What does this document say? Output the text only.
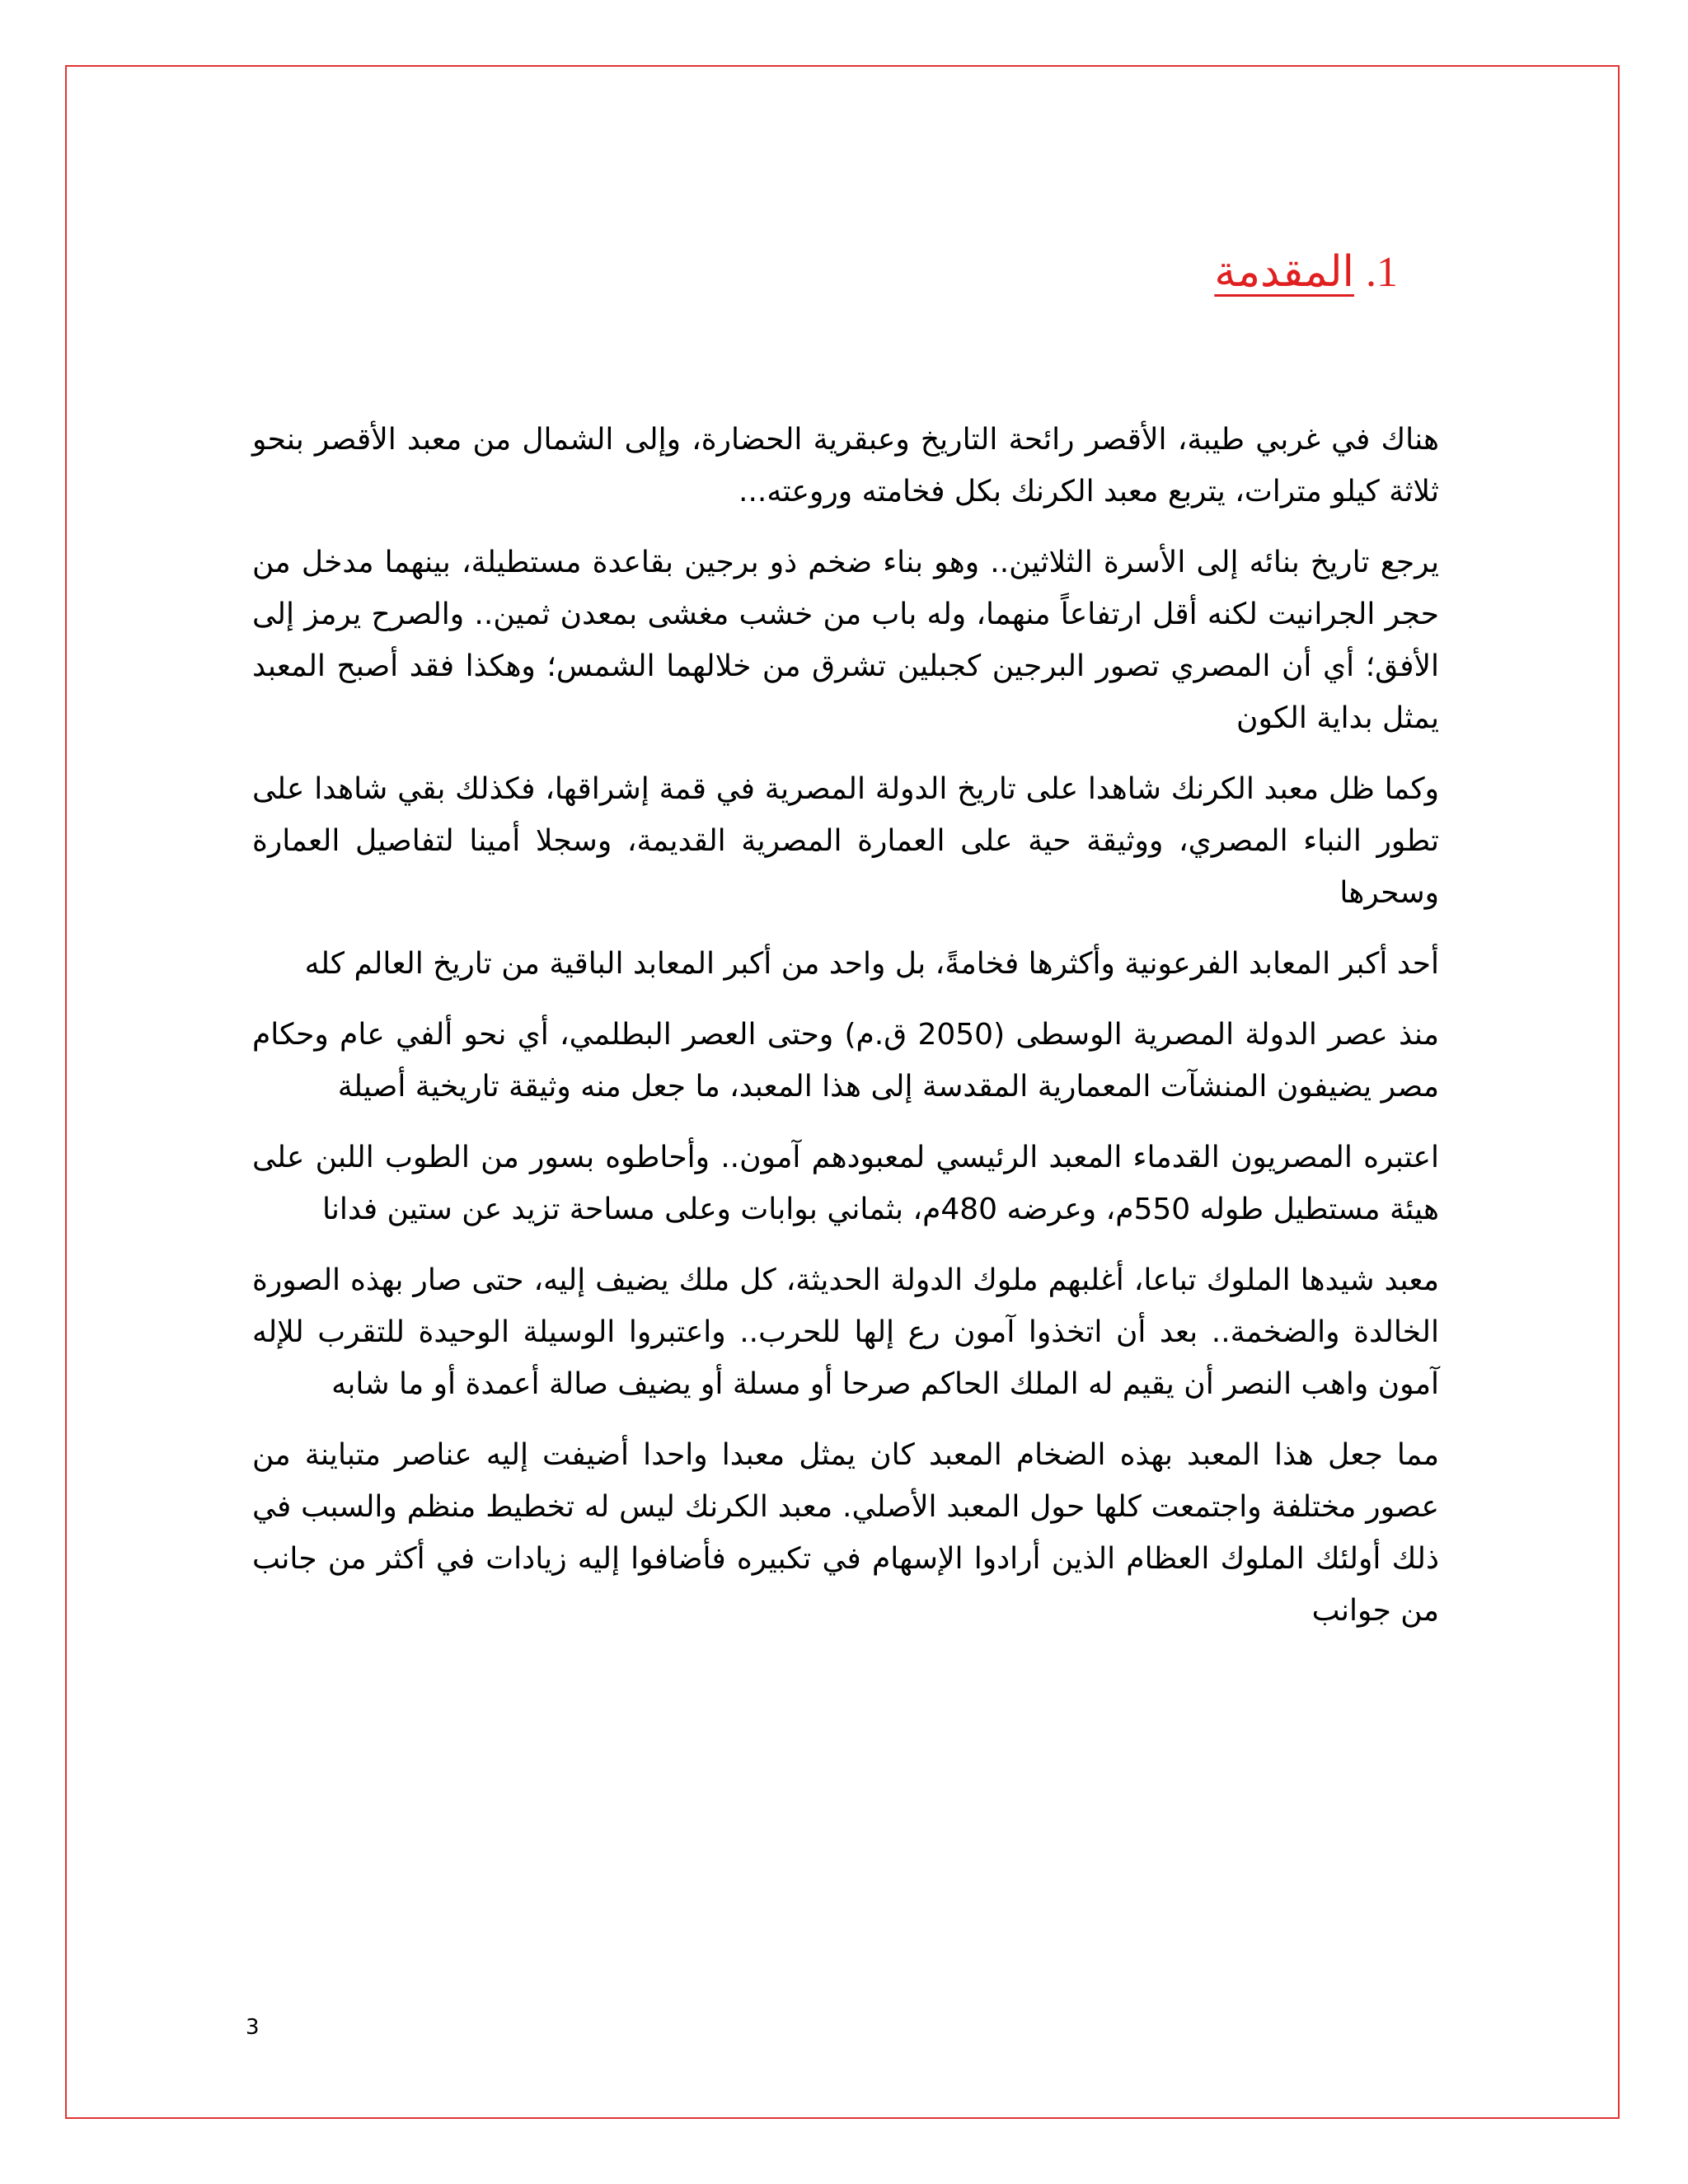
1.المقدمة

هناك في غربي طيبة، الأقصر رائحة التاريخ وعبقرية الحضارة، وإلى الشمال من معبد الأقصر بنحو ثلاثة كيلو مترات، يتربع معبد الكرنك بكل فخامته وروعته...

يرجع تاريخ بنائه إلى الأسرة الثلاثين.. وهو بناء ضخم ذو برجين بقاعدة مستطيلة، بينهما مدخل من حجر الجرانيت لكنه أقل ارتفاعاً منهما، وله باب من خشب مغشى بمعدن ثمين.. والصرح يرمز إلى الأفق؛ أي أن المصري تصور البرجين كجبلين تشرق من خلالهما الشمس؛ وهكذا فقد أصبح المعبد يمثل بداية الكون

وكما ظل معبد الكرنك شاهدا على تاريخ الدولة المصرية في قمة إشراقها، فكذلك بقي شاهدا على تطور النباء المصري، ووثيقة حية على العمارة المصرية القديمة، وسجلا أمينا لتفاصيل العمارة وسحرها

أحد أكبر المعابد الفرعونية وأكثرها فخامةً، بل واحد من أكبر المعابد الباقية من تاريخ العالم كله

منذ عصر الدولة المصرية الوسطى (2050 ق.م) وحتى العصر البطلمي، أي نحو ألفي عام وحكام مصر يضيفون المنشآت المعمارية المقدسة إلى هذا المعبد، ما جعل منه وثيقة تاريخية أصيلة

اعتبره المصريون القدماء المعبد الرئيسي لمعبودهم آمون.. وأحاطوه بسور من الطوب اللبن على هيئة مستطيل طوله 550م، وعرضه 480م، بثماني بوابات وعلى مساحة تزيد عن ستين فدانا

معبد شيدها الملوك تباعا، أغلبهم ملوك الدولة الحديثة، كل ملك يضيف إليه، حتى صار بهذه الصورة الخالدة والضخمة.. بعد أن اتخذوا آمون رع إلها للحرب.. واعتبروا الوسيلة الوحيدة للتقرب للإله آمون واهب النصر أن يقيم له الملك الحاكم صرحا أو مسلة أو يضيف صالة أعمدة أو ما شابه

مما جعل هذا المعبد بهذه الضخام المعبد كان يمثل معبدا واحدا أضيفت إليه عناصر متباينة من عصور مختلفة واجتمعت كلها حول المعبد الأصلي. معبد الكرنك ليس له تخطيط منظم والسبب في ذلك أولئك الملوك العظام الذين أرادوا الإسهام في تكبيره فأضافوا إليه زيادات في أكثر من جانب من جوانب

3
